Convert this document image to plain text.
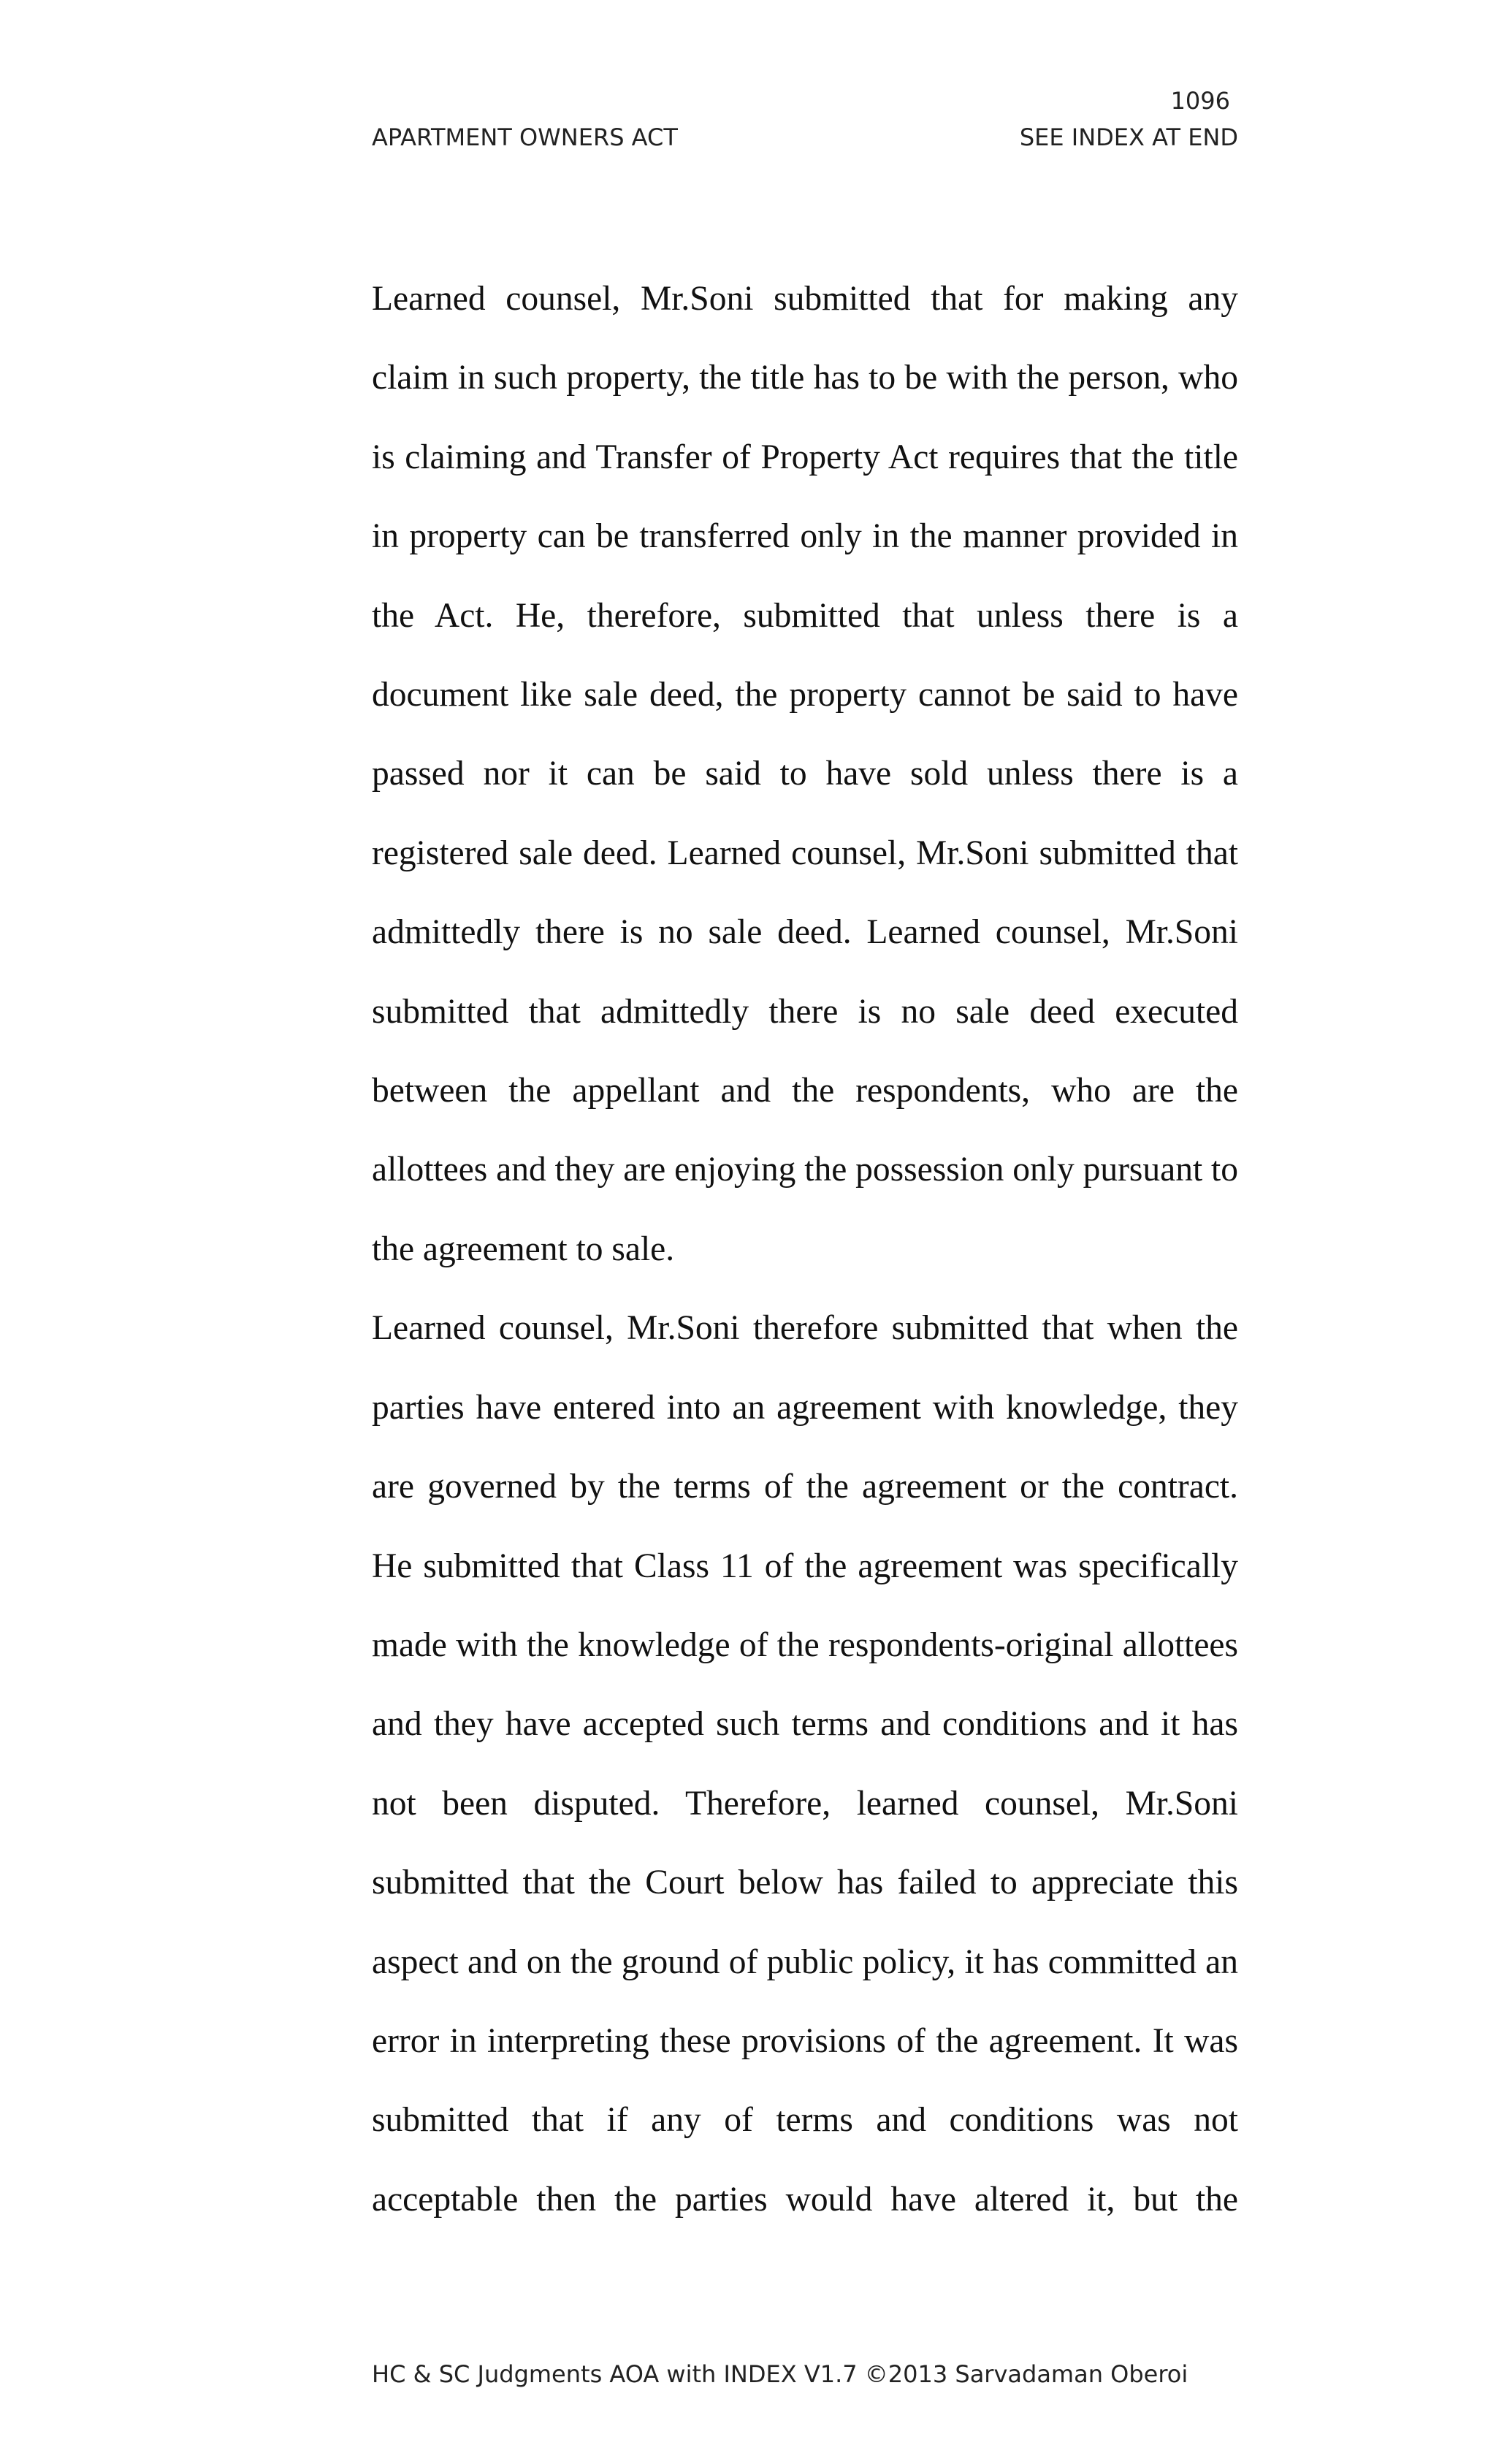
1096
APARTMENT OWNERS ACT	SEE INDEX AT END

Learned counsel, Mr.Soni submitted that for making any claim in such property, the title has to be with the person, who is claiming and Transfer of Property Act requires that the title in property can be transferred only in the manner provided in the Act. He, therefore, submitted that unless there is a document like sale deed, the property cannot be said to have passed nor it can be said to have sold unless there is a registered sale deed. Learned counsel, Mr.Soni submitted that admittedly there is no sale deed. Learned counsel, Mr.Soni submitted that admittedly there is no sale deed executed between the appellant and the respondents, who are the allottees and they are enjoying the possession only pursuant to the agreement to sale.

Learned counsel, Mr.Soni therefore submitted that when the parties have entered into an agreement with knowledge, they are governed by the terms of the agreement or the contract. He submitted that Class 11 of the agreement was specifically made with the knowledge of the respondents-original allottees and they have accepted such terms and conditions and it has not been disputed. Therefore, learned counsel, Mr.Soni submitted that the Court below has failed to appreciate this aspect and on the ground of public policy, it has committed an error in interpreting these provisions of the agreement. It was submitted that if any of terms and conditions was not acceptable then the parties would have altered it, but the

HC & SC Judgments AOA with INDEX V1.7 ©2013 Sarvadaman Oberoi
